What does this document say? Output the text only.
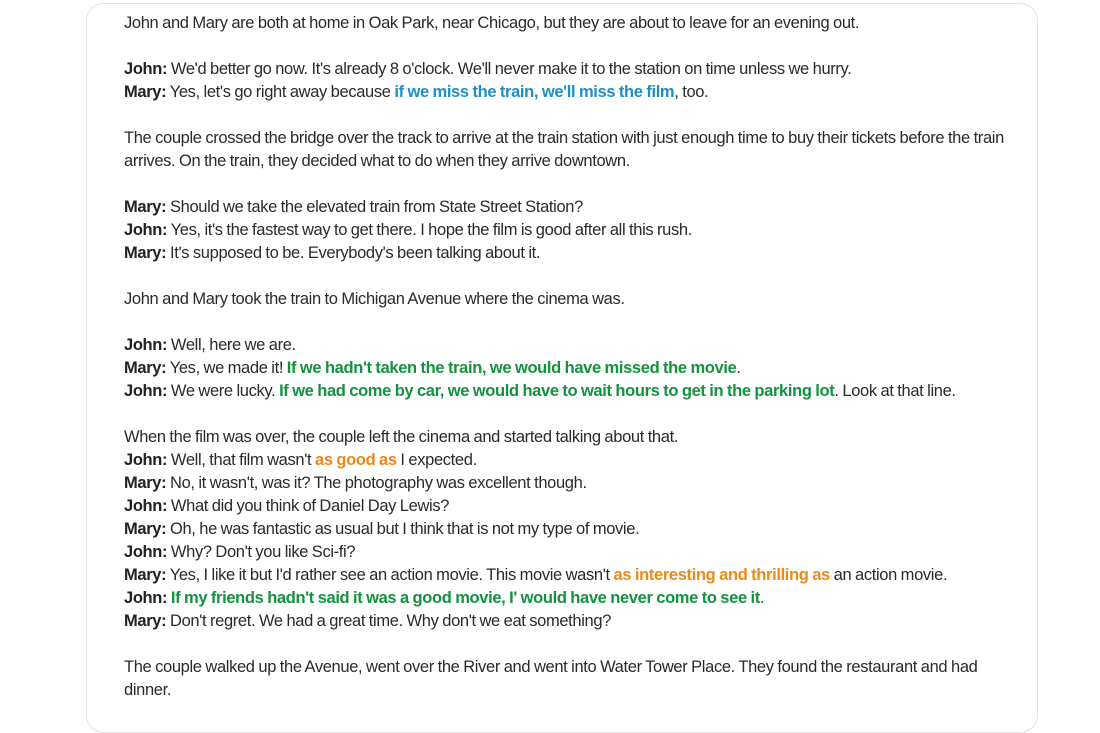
John and Mary are both at home in Oak Park, near Chicago, but they are about to leave for an evening out.

John: We'd better go now. It's already 8 o'clock. We'll never make it to the station on time unless we hurry.
Mary: Yes, let's go right away because if we miss the train, we'll miss the film, too.

The couple crossed the bridge over the track to arrive at the train station with just enough time to buy their tickets before the train arrives. On the train, they decided what to do when they arrive downtown.

Mary: Should we take the elevated train from State Street Station?
John: Yes, it's the fastest way to get there. I hope the film is good after all this rush.
Mary: It's supposed to be. Everybody's been talking about it.

John and Mary took the train to Michigan Avenue where the cinema was.

John: Well, here we are.
Mary: Yes, we made it! If we hadn't taken the train, we would have missed the movie.
John: We were lucky. If we had come by car, we would have to wait hours to get in the parking lot. Look at that line.

When the film was over, the couple left the cinema and started talking about that.
John: Well, that film wasn't as good as I expected.
Mary: No, it wasn't, was it? The photography was excellent though.
John: What did you think of Daniel Day Lewis?
Mary: Oh, he was fantastic as usual but I think that is not my type of movie.
John: Why? Don't you like Sci-fi?
Mary: Yes, I like it but I'd rather see an action movie. This movie wasn't as interesting and thrilling as an action movie.
John: If my friends hadn't said it was a good movie, I' would have never come to see it.
Mary: Don't regret. We had a great time. Why don't we eat something?

The couple walked up the Avenue, went over the River and went into Water Tower Place. They found the restaurant and had dinner.
